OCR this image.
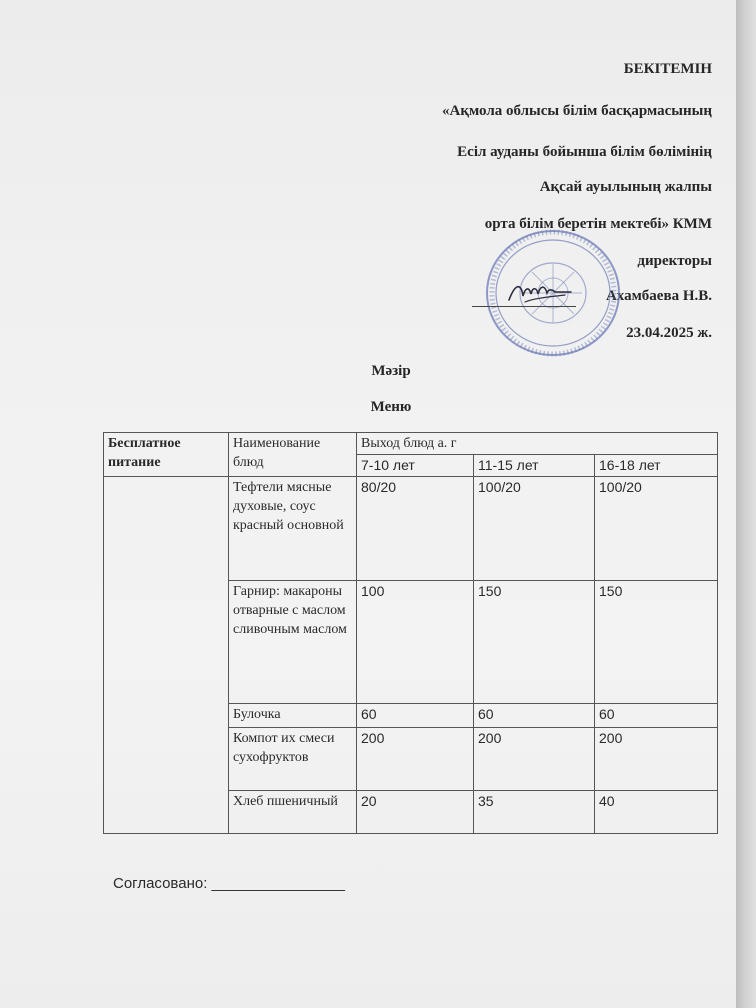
БЕКІТЕМІН
«Ақмола облысы білім басқармасының
Есіл ауданы бойынша білім бөлімінің
Ақсай ауылының жалпы
орта білім беретін мектебі» КММ
директоры
Ахамбаева Н.В.
23.04.2025 ж.
Мәзір
Меню
Бесплатное питание	Наименование блюд	Выход блюд а. г		
		7-10 лет	11-15 лет	16-18 лет
	Тефтели мясные духовые, соус красный основной	80/20	100/20	100/20
	Гарнир: макароны отварные с маслом сливочным маслом	100	150	150
	Булочка	60	60	60
	Компот их смеси сухофруктов	200	200	200
	Хлеб пшеничный	20	35	40
Согласовано: ________________
